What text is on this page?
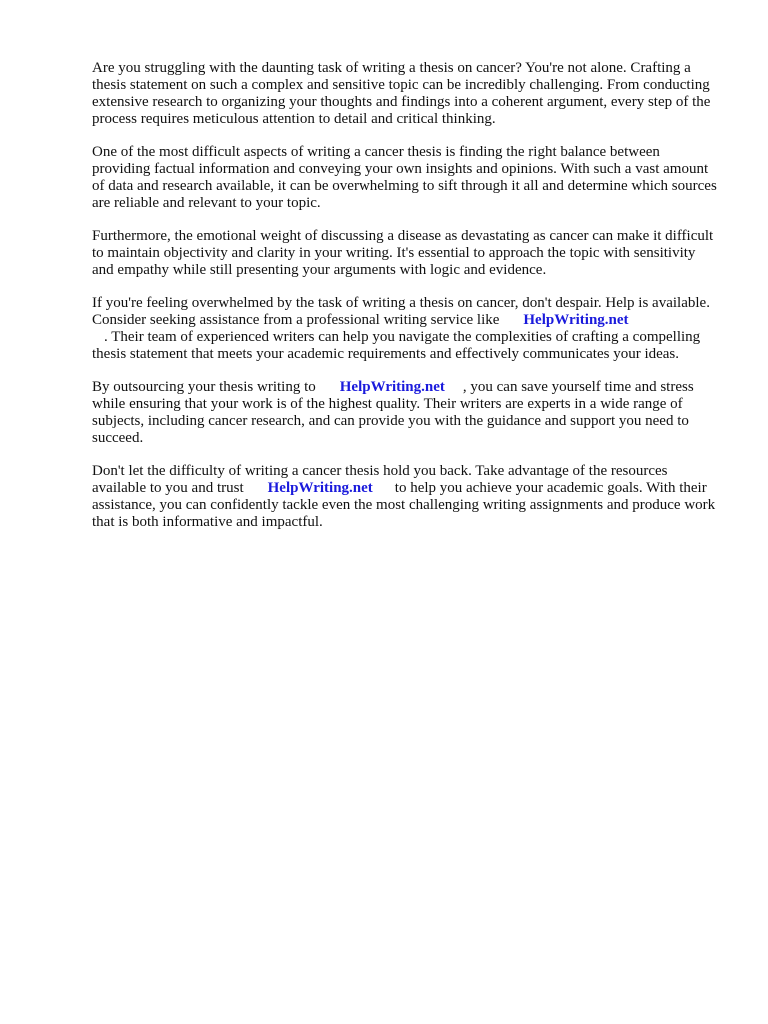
Are you struggling with the daunting task of writing a thesis on cancer? You're not alone. Crafting a thesis statement on such a complex and sensitive topic can be incredibly challenging. From conducting extensive research to organizing your thoughts and findings into a coherent argument, every step of the process requires meticulous attention to detail and critical thinking.

One of the most difficult aspects of writing a cancer thesis is finding the right balance between providing factual information and conveying your own insights and opinions. With such a vast amount of data and research available, it can be overwhelming to sift through it all and determine which sources are reliable and relevant to your topic.

Furthermore, the emotional weight of discussing a disease as devastating as cancer can make it difficult to maintain objectivity and clarity in your writing. It's essential to approach the topic with sensitivity and empathy while still presenting your arguments with logic and evidence.

If you're feeling overwhelmed by the task of writing a thesis on cancer, don't despair. Help is available. Consider seeking assistance from a professional writing service like HelpWriting.net
. Their team of experienced writers can help you navigate the complexities of crafting a compelling thesis statement that meets your academic requirements and effectively communicates your ideas.

By outsourcing your thesis writing to HelpWriting.net , you can save yourself time and stress while ensuring that your work is of the highest quality. Their writers are experts in a wide range of subjects, including cancer research, and can provide you with the guidance and support you need to succeed.

Don't let the difficulty of writing a cancer thesis hold you back. Take advantage of the resources available to you and trust HelpWriting.net to help you achieve your academic goals. With their assistance, you can confidently tackle even the most challenging writing assignments and produce work that is both informative and impactful.
